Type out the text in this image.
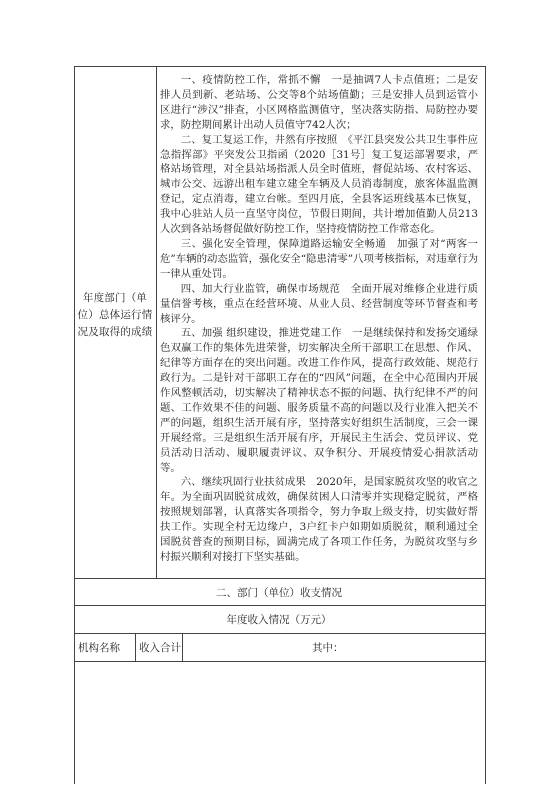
年度部门（单位）总体运行情况及取得的成绩

一、疫情防控工作，常抓不懈　一是抽调7人卡点值班；二是安排人员到新、老站场、公交等8个站场值勤；三是安排人员到运管小区进行“涉汉”排查，小区网格监测值守，坚决落实防指、局防控办要求，防控期间累计出动人员值守742人次；

二、复工复运工作，井然有序按照　《平江县突发公共卫生事件应急指挥部》平突发公卫指函（2020［31号］复工复运部署要求，严格站场管理，对全县站场指派人员全时值班，督促站场、农村客运、城市公交、远游出租车建立建全车辆及人员消毒制度，旅客体温监测登记，定点消毒，建立台帐。至四月底，全县客运班线基本已恢复，我中心驻站人员一直坚守岗位，节假日期间，共计增加值勤人员213人次到各站场督促做好防控工作，坚持疫情防控工作常态化。

三、强化安全管理，保障道路运输安全畅通　加强了对“两客一危”车辆的动态监管，强化安全“隐患清零”八项考核指标，对违章行为一律从重处罚。

四、加大行业监管，确保市场规范　全面开展对维修企业进行质量信誉考核，重点在经营环境、从业人员、经营制度等环节督查和考核评分。

五、加强 组织建设，推进党建工作　一是继续保持和发扬交通绿色双赢工作的集体先进荣誉，切实解决全所干部职工在思想、作风、纪律等方面存在的突出问题。改进工作作风，提高行政效能、规范行政行为。二是针对干部职工存在的“四风”问题，在全中心范围内开展作风整顿活动，切实解决了精神状态不振的问题、执行纪律不严的问题、工作效果不佳的问题、服务质量不高的问题以及行业准入把关不严的问题，组织生活开展有序，坚持落实好组织生活制度，三会一课开展经常。三是组织生活开展有序，开展民主生活会、党员评议、党员活动日活动、履职履责评议、双争积分、开展疫情爱心捐款活动等。

六、继续巩固行业扶贫成果　2020年，是国家脱贫攻坚的收官之年。为全面巩固脱贫成效，确保贫困人口清零并实现稳定脱贫，严格按照规划部署，认真落实各项指令，努力争取上级支持，切实做好帮扶工作。实现全村无边缘户，3户红卡户如期如质脱贫，顺利通过全国脱贫普查的预期目标，圆满完成了各项工作任务，为脱贫攻坚与乡村振兴顺利对接打下坚实基础。

二、部门（单位）收支情况
年度收入情况（万元）
机构名称 收入合计	其中：
